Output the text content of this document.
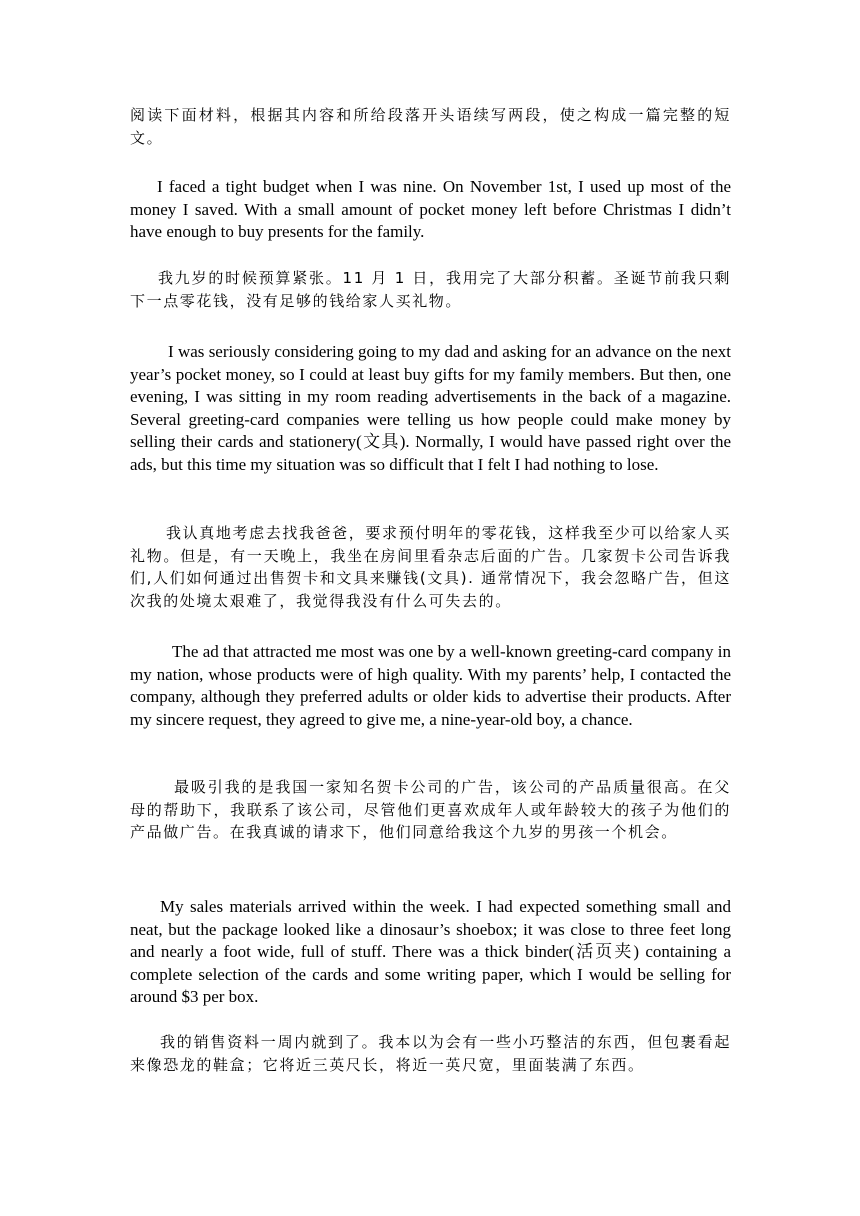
阅读下面材料，根据其内容和所给段落开头语续写两段，使之构成一篇完整的短文。

I faced a tight budget when I was nine. On November 1st, I used up most of the money I saved. With a small amount of pocket money left before Christmas I didn’t have enough to buy presents for the family.

我九岁的时候预算紧张。11 月 1 日，我用完了大部分积蓄。圣诞节前我只剩下一点零花钱，没有足够的钱给家人买礼物。

I was seriously considering going to my dad and asking for an advance on the next year’s pocket money, so I could at least buy gifts for my family members. But then, one evening, I was sitting in my room reading advertisements in the back of a magazine. Several greeting-card companies were telling us how people could make money by selling their cards and stationery(文具). Normally, I would have passed right over the ads, but this time my situation was so difficult that I felt I had nothing to lose.

我认真地考虑去找我爸爸，要求预付明年的零花钱，这样我至少可以给家人买礼物。但是，有一天晚上，我坐在房间里看杂志后面的广告。几家贺卡公司告诉我们,人们如何通过出售贺卡和文具来赚钱(文具). 通常情况下，我会忽略广告，但这次我的处境太艰难了，我觉得我没有什么可失去的。

The ad that attracted me most was one by a well-known greeting-card company in my nation, whose products were of high quality. With my parents’ help, I contacted the company, although they preferred adults or older kids to advertise their products. After my sincere request, they agreed to give me, a nine-year-old boy, a chance.

最吸引我的是我国一家知名贺卡公司的广告，该公司的产品质量很高。在父母的帮助下，我联系了该公司，尽管他们更喜欢成年人或年龄较大的孩子为他们的产品做广告。在我真诚的请求下，他们同意给我这个九岁的男孩一个机会。

My sales materials arrived within the week. I had expected something small and neat, but the package looked like a dinosaur’s shoebox; it was close to three feet long and nearly a foot wide, full of stuff. There was a thick binder(活页夹) containing a complete selection of the cards and some writing paper, which I would be selling for around $3 per box.

我的销售资料一周内就到了。我本以为会有一些小巧整洁的东西，但包裹看起来像恐龙的鞋盒；它将近三英尺长，将近一英尺宽，里面装满了东西。
